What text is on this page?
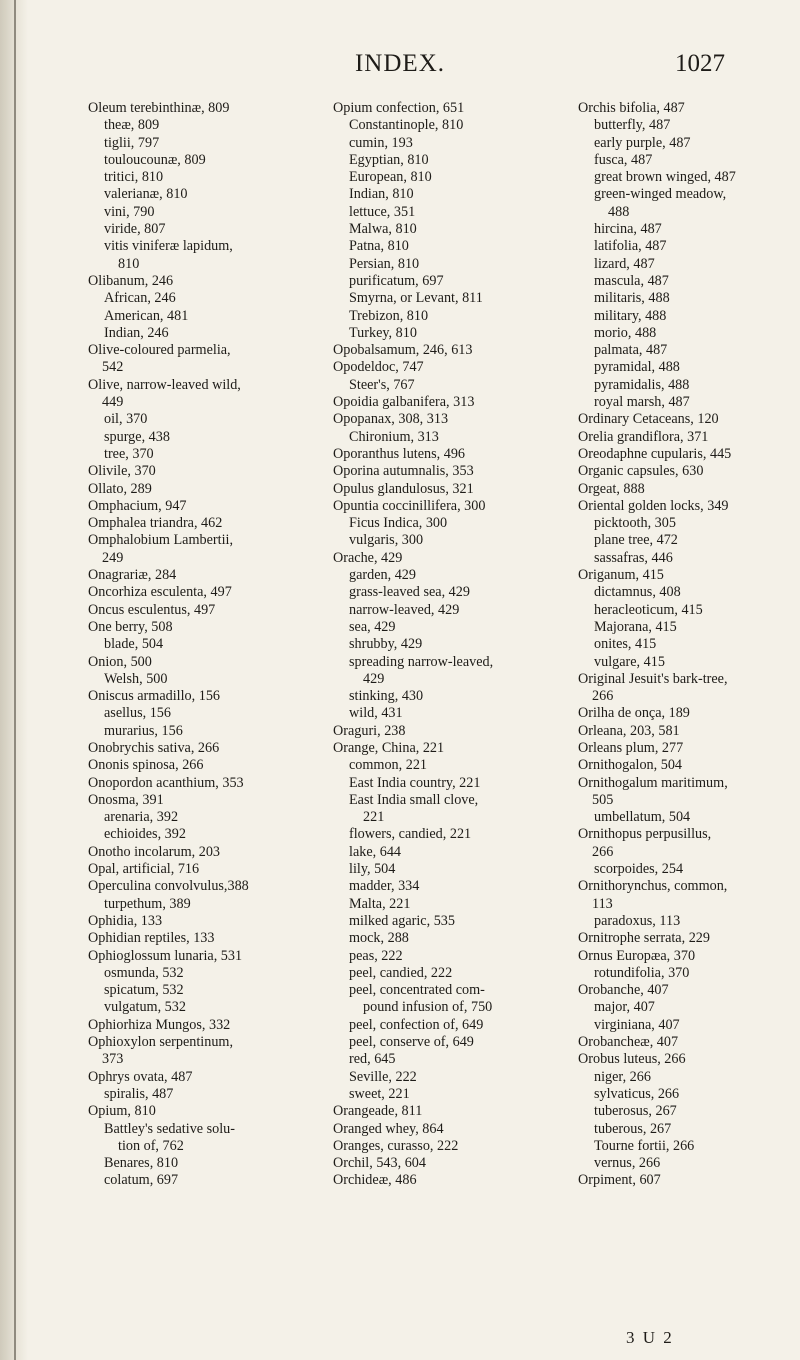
INDEX.	1027
Oleum terebinthinæ, 809
theæ, 809
tiglii, 797
touloucounæ, 809
tritici, 810
valerianæ, 810
vini, 790
viride, 807
vitis viniferæ lapidum,
810
Olibanum, 246
African, 246
American, 481
Indian, 246
Olive-coloured parmelia,
542
Olive, narrow-leaved wild,
449
oil, 370
spurge, 438
tree, 370
Olivile, 370
Ollato, 289
Omphacium, 947
Omphalea triandra, 462
Omphalobium Lambertii,
249
Onagrariæ, 284
Oncorhiza esculenta, 497
Oncus esculentus, 497
One berry, 508
blade, 504
Onion, 500
Welsh, 500
Oniscus armadillo, 156
asellus, 156
murarius, 156
Onobrychis sativa, 266
Ononis spinosa, 266
Onopordon acanthium, 353
Onosma, 391
arenaria, 392
echioides, 392
Onotho incolarum, 203
Opal, artificial, 716
Operculina convolvulus,388
turpethum, 389
Ophidia, 133
Ophidian reptiles, 133
Ophioglossum lunaria, 531
osmunda, 532
spicatum, 532
vulgatum, 532
Ophiorhiza Mungos, 332
Ophioxylon serpentinum,
373
Ophrys ovata, 487
spiralis, 487
Opium, 810
Battley's sedative solu-
tion of, 762
Benares, 810
colatum, 697
Opium confection, 651
Constantinople, 810
cumin, 193
Egyptian, 810
European, 810
Indian, 810
lettuce, 351
Malwa, 810
Patna, 810
Persian, 810
purificatum, 697
Smyrna, or Levant, 811
Trebizon, 810
Turkey, 810
Opobalsamum, 246, 613
Opodeldoc, 747
Steer's, 767
Opoidia galbanifera, 313
Opopanax, 308, 313
Chironium, 313
Oporanthus lutens, 496
Oporina autumnalis, 353
Opulus glandulosus, 321
Opuntia coccinillifera, 300
Ficus Indica, 300
vulgaris, 300
Orache, 429
garden, 429
grass-leaved sea, 429
narrow-leaved, 429
sea, 429
shrubby, 429
spreading narrow-leaved,
429
stinking, 430
wild, 431
Oraguri, 238
Orange, China, 221
common, 221
East India country, 221
East India small clove,
221
flowers, candied, 221
lake, 644
lily, 504
madder, 334
Malta, 221
milked agaric, 535
mock, 288
peas, 222
peel, candied, 222
peel, concentrated com-
pound infusion of, 750
peel, confection of, 649
peel, conserve of, 649
red, 645
Seville, 222
sweet, 221
Orangeade, 811
Oranged whey, 864
Oranges, curasso, 222
Orchil, 543, 604
Orchideæ, 486
Orchis bifolia, 487
butterfly, 487
early purple, 487
fusca, 487
great brown winged, 487
green-winged meadow,
488
hircina, 487
latifolia, 487
lizard, 487
mascula, 487
militaris, 488
military, 488
morio, 488
palmata, 487
pyramidal, 488
pyramidalis, 488
royal marsh, 487
Ordinary Cetaceans, 120
Orelia grandiflora, 371
Oreodaphne cupularis, 445
Organic capsules, 630
Orgeat, 888
Oriental golden locks, 349
picktooth, 305
plane tree, 472
sassafras, 446
Origanum, 415
dictamnus, 408
heracleoticum, 415
Majorana, 415
onites, 415
vulgare, 415
Original Jesuit's bark-tree,
266
Orilha de onça, 189
Orleana, 203, 581
Orleans plum, 277
Ornithogalon, 504
Ornithogalum maritimum,
505
umbellatum, 504
Ornithopus perpusillus,
266
scorpoides, 254
Ornithorynchus, common,
113
paradoxus, 113
Ornitrophe serrata, 229
Ornus Europæa, 370
rotundifolia, 370
Orobanche, 407
major, 407
virginiana, 407
Orobancheæ, 407
Orobus luteus, 266
niger, 266
sylvaticus, 266
tuberosus, 267
tuberous, 267
Tourne fortii, 266
vernus, 266
Orpiment, 607
3 U 2
